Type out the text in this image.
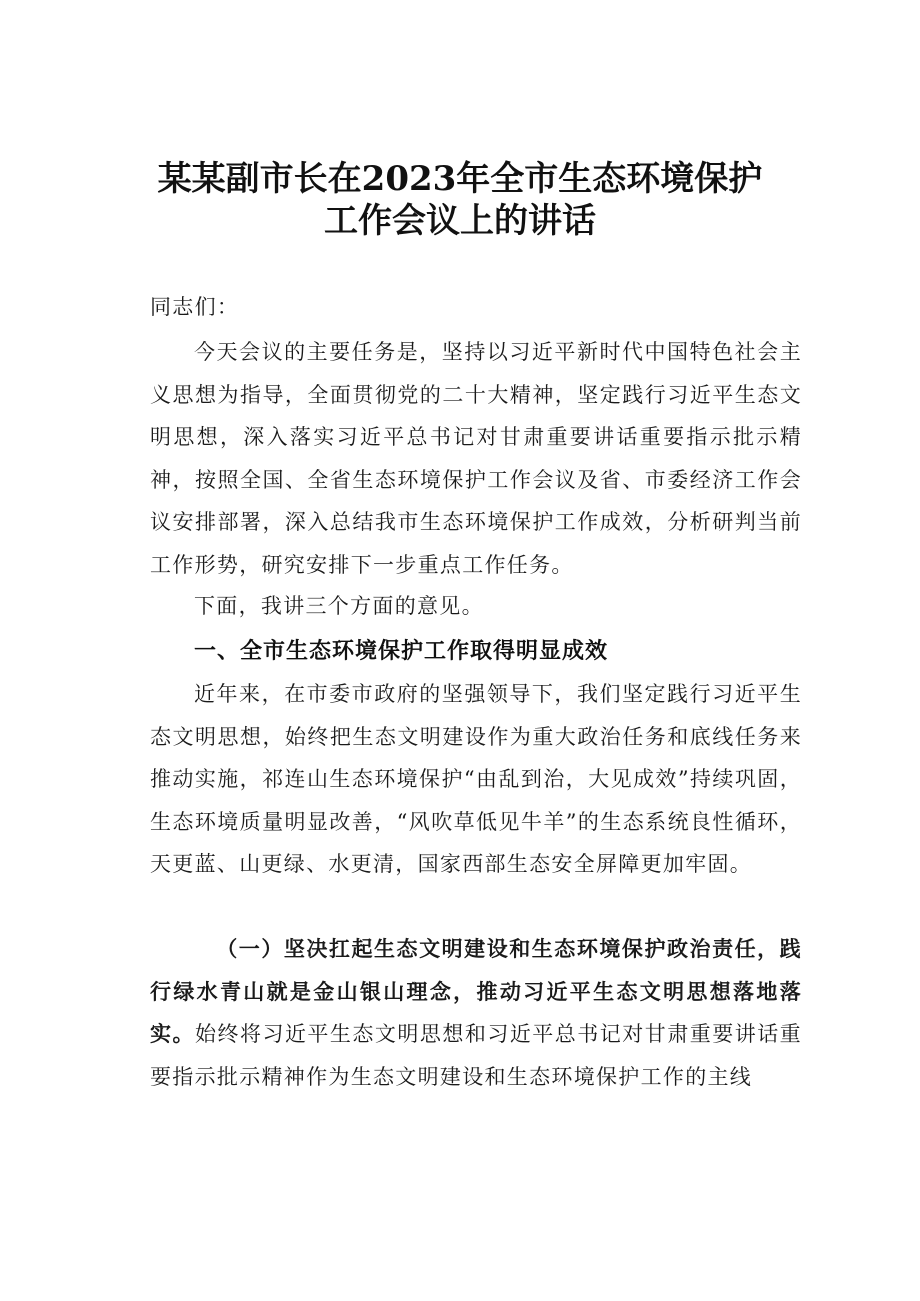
某某副市长在2023年全市生态环境保护
工作会议上的讲话

同志们：

今天会议的主要任务是，坚持以习近平新时代中国特色社会主义思想为指导，全面贯彻党的二十大精神，坚定践行习近平生态文明思想，深入落实习近平总书记对甘肃重要讲话重要指示批示精神，按照全国、全省生态环境保护工作会议及省、市委经济工作会议安排部署，深入总结我市生态环境保护工作成效，分析研判当前工作形势，研究安排下一步重点工作任务。

下面，我讲三个方面的意见。

一、全市生态环境保护工作取得明显成效

近年来，在市委市政府的坚强领导下，我们坚定践行习近平生态文明思想，始终把生态文明建设作为重大政治任务和底线任务来推动实施，祁连山生态环境保护“由乱到治，大见成效”持续巩固，生态环境质量明显改善，“风吹草低见牛羊”的生态系统良性循环，天更蓝、山更绿、水更清，国家西部生态安全屏障更加牢固。

（一）坚决扛起生态文明建设和生态环境保护政治责任，践行绿水青山就是金山银山理念，推动习近平生态文明思想落地落实。始终将习近平生态文明思想和习近平总书记对甘肃重要讲话重要指示批示精神作为生态文明建设和生态环境保护工作的主线
